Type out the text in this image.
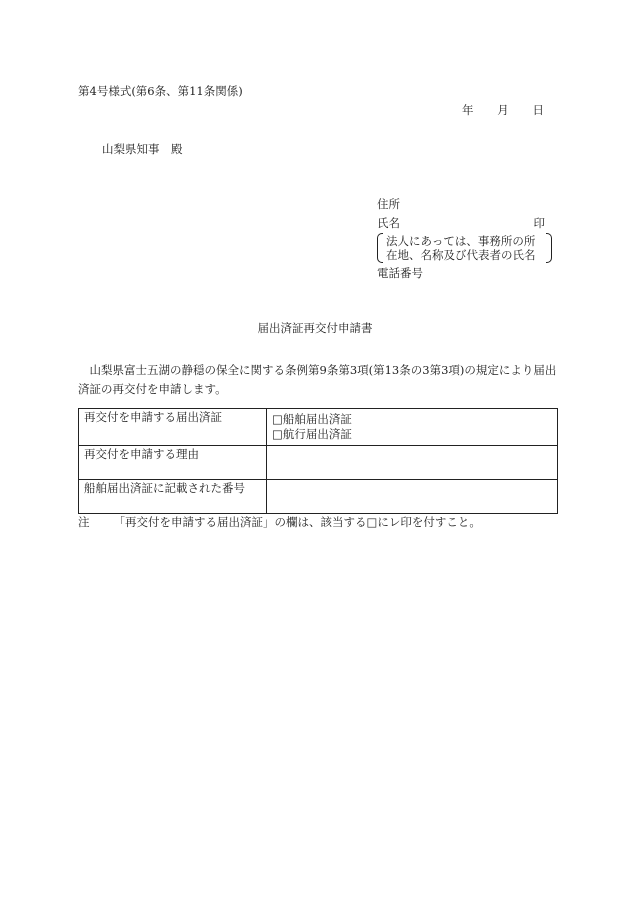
第4号様式(第6条、第11条関係)
年 月 日
山梨県知事　殿
住所
氏名	印
法人にあっては、事務所の所
在地、名称及び代表者の氏名
電話番号
届出済証再交付申請書
山梨県富士五湖の静穏の保全に関する条例第9条第3項(第13条の3第3項)の規定により届出済証の再交付を申請します。
再交付を申請する届出済証	□船舶届出済証
□航行届出済証

再交付を申請する理由	
船舶届出済証に記載された番号	
注 「再交付を申請する届出済証」の欄は、該当する□にレ印を付すこと。
